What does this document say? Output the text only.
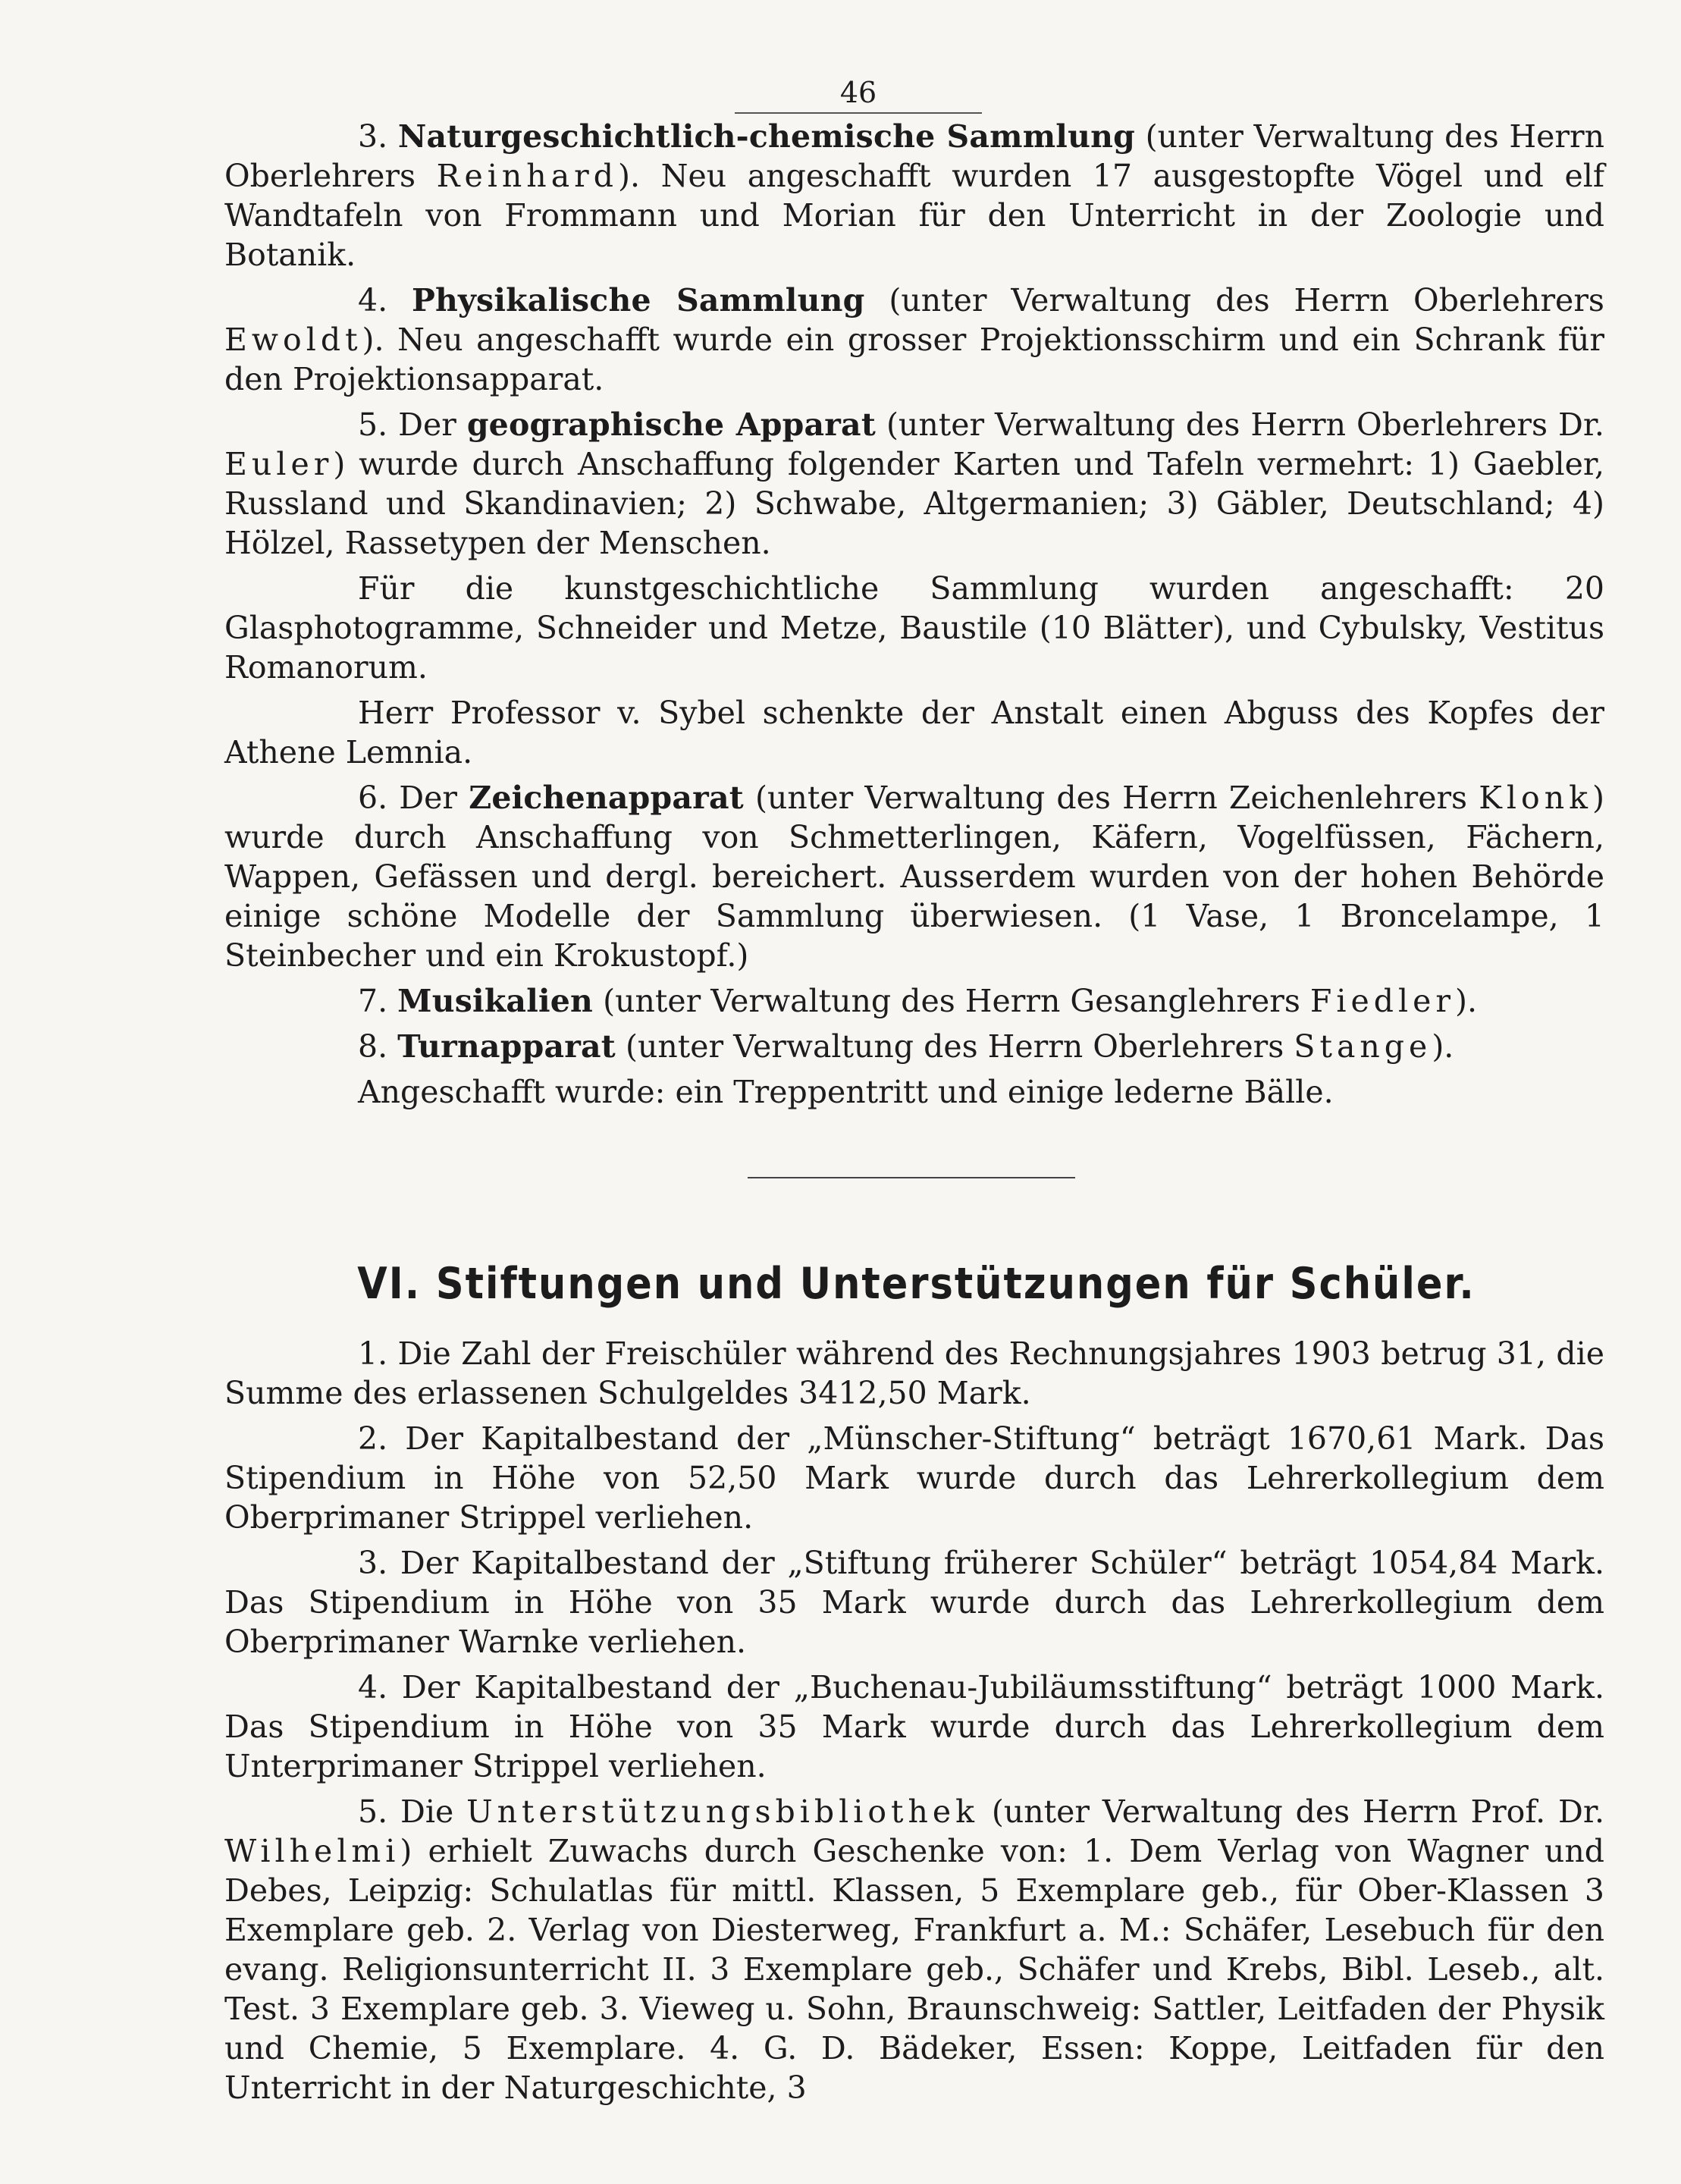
46

3. Naturgeschichtlich-chemische Sammlung (unter Verwaltung des Herrn Oberlehrers Reinhard). Neu angeschafft wurden 17 ausgestopfte Vögel und elf Wandtafeln von Frommann und Morian für den Unterricht in der Zoologie und Botanik.

4. Physikalische Sammlung (unter Verwaltung des Herrn Oberlehrers Ewoldt). Neu angeschafft wurde ein grosser Projektionsschirm und ein Schrank für den Projektionsapparat.

5. Der geographische Apparat (unter Verwaltung des Herrn Oberlehrers Dr. Euler) wurde durch Anschaffung folgender Karten und Tafeln vermehrt: 1) Gaebler, Russland und Skandinavien; 2) Schwabe, Altgermanien; 3) Gäbler, Deutschland; 4) Hölzel, Rassetypen der Menschen.

Für die kunstgeschichtliche Sammlung wurden angeschafft: 20 Glasphotogramme, Schneider und Metze, Baustile (10 Blätter), und Cybulsky, Vestitus Romanorum.

Herr Professor v. Sybel schenkte der Anstalt einen Abguss des Kopfes der Athene Lemnia.

6. Der Zeichenapparat (unter Verwaltung des Herrn Zeichenlehrers Klonk) wurde durch Anschaffung von Schmetterlingen, Käfern, Vogelfüssen, Fächern, Wappen, Gefässen und dergl. bereichert. Ausserdem wurden von der hohen Behörde einige schöne Modelle der Sammlung überwiesen. (1 Vase, 1 Broncelampe, 1 Steinbecher und ein Krokustopf.)

7. Musikalien (unter Verwaltung des Herrn Gesanglehrers Fiedler).

8. Turnapparat (unter Verwaltung des Herrn Oberlehrers Stange).

Angeschafft wurde: ein Treppentritt und einige lederne Bälle.

VI. Stiftungen und Unterstützungen für Schüler.

1. Die Zahl der Freischüler während des Rechnungsjahres 1903 betrug 31, die Summe des erlassenen Schulgeldes 3412,50 Mark.

2. Der Kapitalbestand der „Münscher-Stiftung“ beträgt 1670,61 Mark. Das Stipendium in Höhe von 52,50 Mark wurde durch das Lehrerkollegium dem Oberprimaner Strippel verliehen.

3. Der Kapitalbestand der „Stiftung früherer Schüler“ beträgt 1054,84 Mark. Das Stipendium in Höhe von 35 Mark wurde durch das Lehrerkollegium dem Oberprimaner Warnke verliehen.

4. Der Kapitalbestand der „Buchenau-Jubiläumsstiftung“ beträgt 1000 Mark. Das Stipendium in Höhe von 35 Mark wurde durch das Lehrerkollegium dem Unterprimaner Strippel verliehen.

5. Die Unterstützungsbibliothek (unter Verwaltung des Herrn Prof. Dr. Wilhelmi) erhielt Zuwachs durch Geschenke von: 1. Dem Verlag von Wagner und Debes, Leipzig: Schulatlas für mittl. Klassen, 5 Exemplare geb., für Ober-Klassen 3 Exemplare geb. 2. Verlag von Diesterweg, Frankfurt a. M.: Schäfer, Lesebuch für den evang. Religionsunterricht II. 3 Exemplare geb., Schäfer und Krebs, Bibl. Leseb., alt. Test. 3 Exemplare geb. 3. Vieweg u. Sohn, Braunschweig: Sattler, Leitfaden der Physik und Chemie, 5 Exemplare. 4. G. D. Bädeker, Essen: Koppe, Leitfaden für den Unterricht in der Naturgeschichte, 3
